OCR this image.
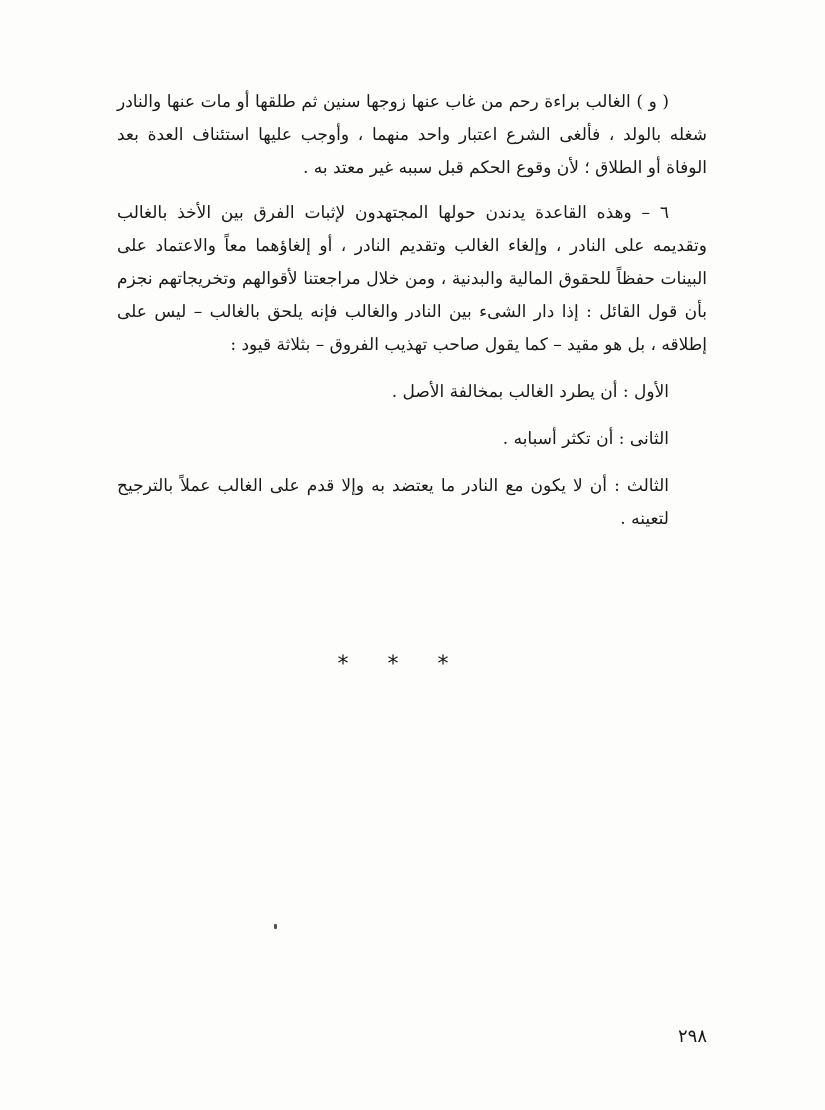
( و ) الغالب براءة رحم من غاب عنها زوجها سنين ثم طلقها أو مات عنها والنادر شغله بالولد ، فألغى الشرع اعتبار واحد منهما ، وأوجب عليها استئناف العدة بعد الوفاة أو الطلاق ؛ لأن وقوع الحكم قبل سببه غير معتد به .

٦ – وهذه القاعدة يدندن حولها المجتهدون لإثبات الفرق بين الأخذ بالغالب وتقديمه على النادر ، وإلغاء الغالب وتقديم النادر ، أو إلغاؤهما معاً والاعتماد على البينات حفظاً للحقوق المالية والبدنية ، ومن خلال مراجعتنا لأقوالهم وتخريجاتهم نجزم بأن قول القائل : إذا دار الشىء بين النادر والغالب فإنه يلحق بالغالب – ليس على إطلاقه ، بل هو مقيد – كما يقول صاحب تهذيب الفروق – بثلاثة قيود :

الأول : أن يطرد الغالب بمخالفة الأصل .

الثانى : أن تكثر أسبابه .

الثالث : أن لا يكون مع النادر ما يعتضد به وإلا قدم على الغالب عملاً بالترجيح لتعينه .

***
٢٩٨
